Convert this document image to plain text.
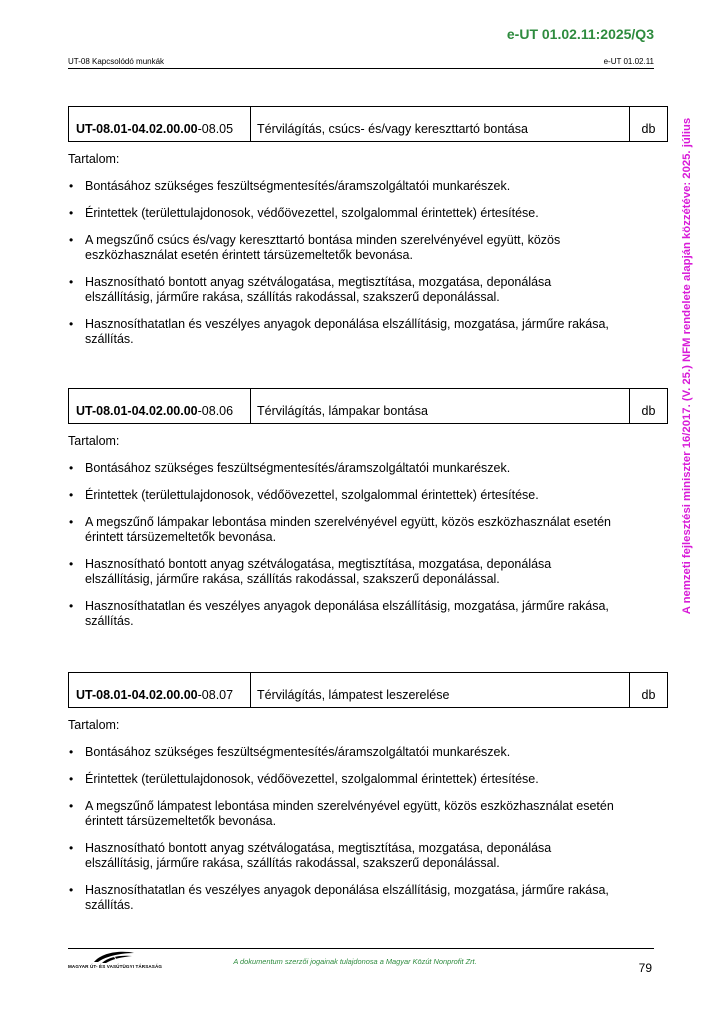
e-UT 01.02.11:2025/Q3
UT-08 Kapcsolódó munkák	e-UT 01.02.11
A nemzeti fejlesztési miniszter 16/2017. (V. 25.) NFM rendelete alapján közzétéve: 2025. július
UT-08.01-04.02.00.00 -08.05	Térvilágítás, csúcs- és/vagy kereszttartó bontása	db
Tartalom:
• Bontásához szükséges feszültségmentesítés/áramszolgáltatói munkarészek.
• Érintettek (területtulajdonosok, védőövezettel, szolgalommal érintettek) értesítése.
• A megszűnő csúcs és/vagy kereszttartó bontása minden szerelvényével együtt, közös eszközhasználat esetén érintett társüzemeltetők bevonása.
• Hasznosítható bontott anyag szétválogatása, megtisztítása, mozgatása, deponálása elszállításig, járműre rakása, szállítás rakodással, szakszerű deponálással.
• Hasznosíthatatlan és veszélyes anyagok deponálása elszállításig, mozgatása, járműre rakása, szállítás.
UT-08.01-04.02.00.00 -08.06	Térvilágítás, lámpakar bontása	db
Tartalom:
• Bontásához szükséges feszültségmentesítés/áramszolgáltatói munkarészek.
• Érintettek (területtulajdonosok, védőövezettel, szolgalommal érintettek) értesítése.
• A megszűnő lámpakar lebontása minden szerelvényével együtt, közös eszközhasználat esetén érintett társüzemeltetők bevonása.
• Hasznosítható bontott anyag szétválogatása, megtisztítása, mozgatása, deponálása elszállításig, járműre rakása, szállítás rakodással, szakszerű deponálással.
• Hasznosíthatatlan és veszélyes anyagok deponálása elszállításig, mozgatása, járműre rakása, szállítás.
UT-08.01-04.02.00.00 -08.07	Térvilágítás, lámpatest leszerelése	db
Tartalom:
• Bontásához szükséges feszültségmentesítés/áramszolgáltatói munkarészek.
• Érintettek (területtulajdonosok, védőövezettel, szolgalommal érintettek) értesítése.
• A megszűnő lámpatest lebontása minden szerelvényével együtt, közös eszközhasználat esetén érintett társüzemeltetők bevonása.
• Hasznosítható bontott anyag szétválogatása, megtisztítása, mozgatása, deponálása elszállításig, járműre rakása, szállítás rakodással, szakszerű deponálással.
• Hasznosíthatatlan és veszélyes anyagok deponálása elszállításig, mozgatása, járműre rakása, szállítás.
MAGYAR ÚT- ÉS VASÚTÜGYI TÁRSASÁG
A dokumentum szerzői jogainak tulajdonosa a Magyar Közút Nonprofit Zrt.	79
